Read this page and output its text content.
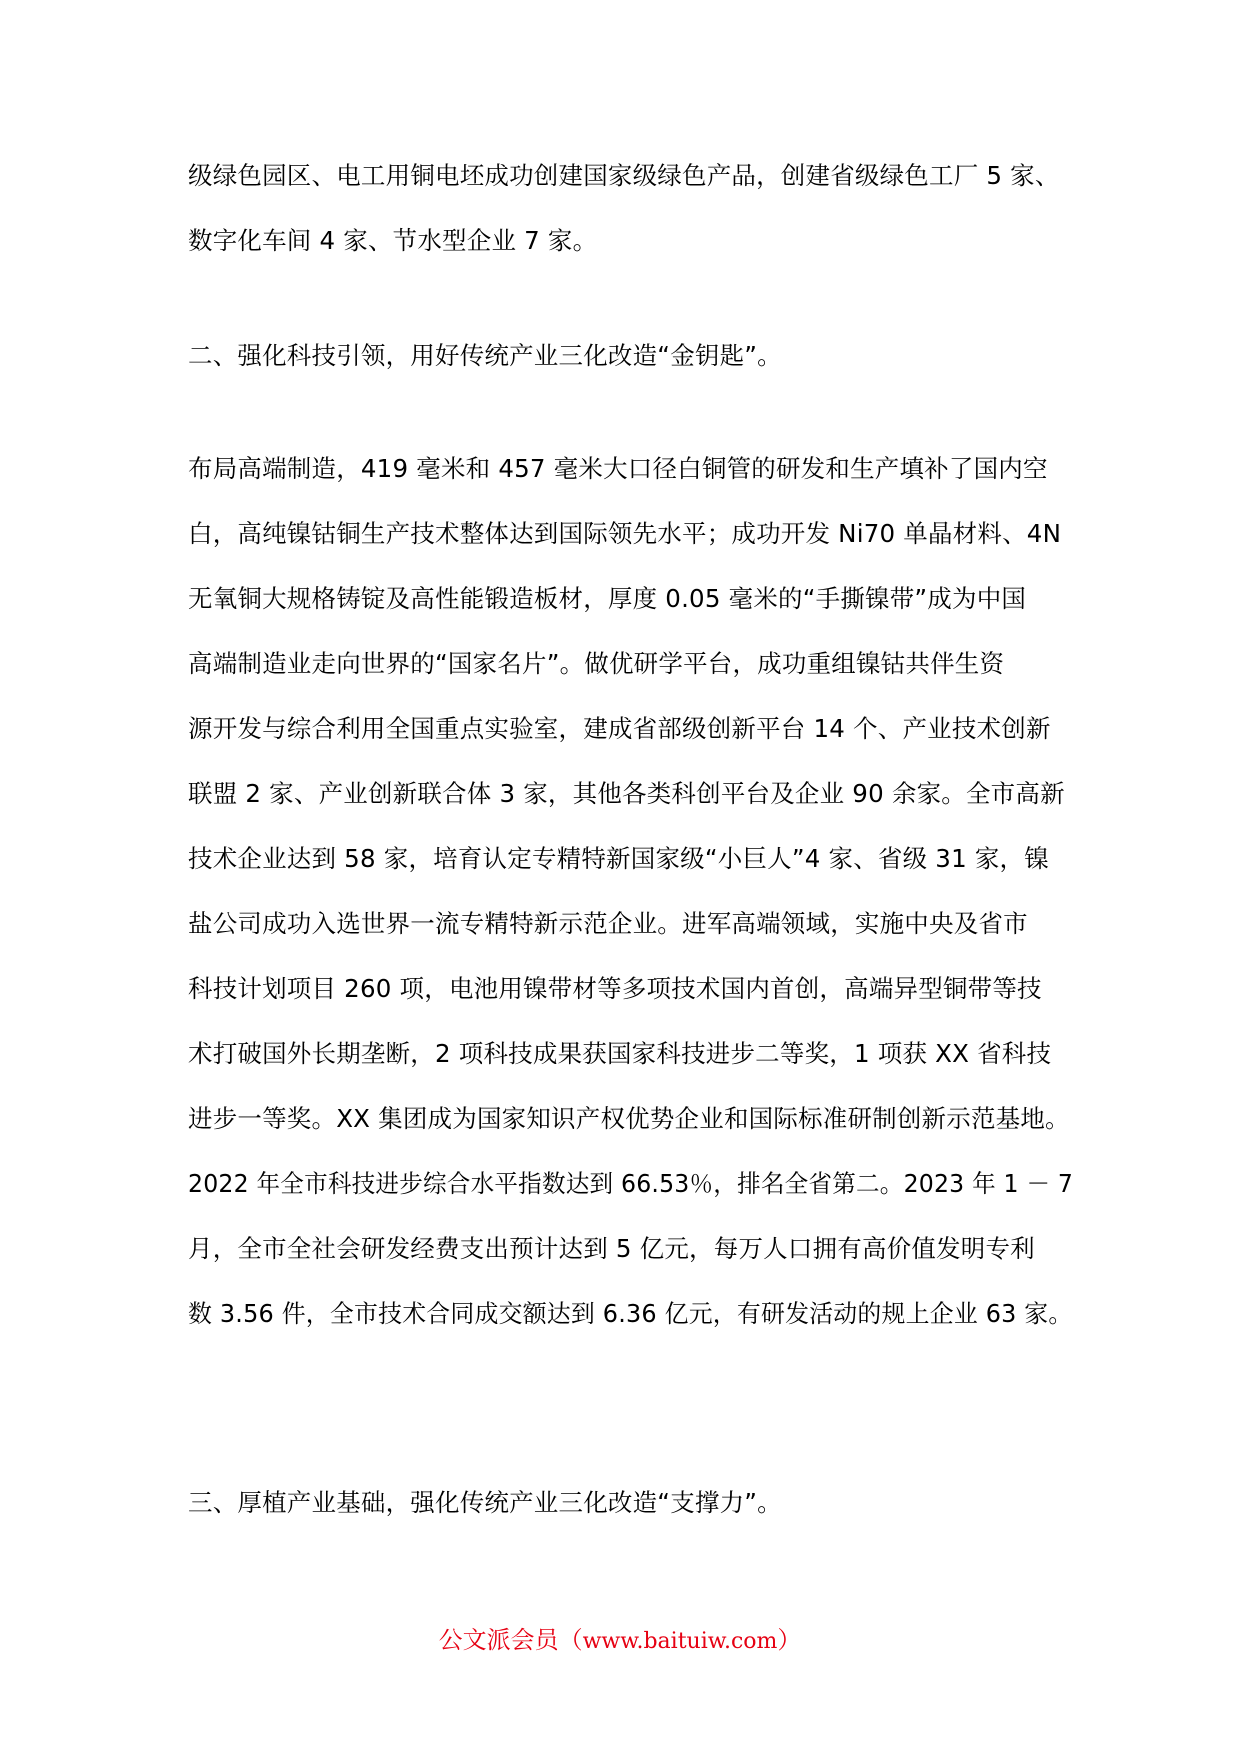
级绿色园区、电工用铜电坯成功创建国家级绿色产品，创建省级绿色工厂 5 家、
数字化车间 4 家、节水型企业 7 家。
二、强化科技引领，用好传统产业三化改造“金钥匙”。
布局高端制造，419 毫米和 457 毫米大口径白铜管的研发和生产填补了国内空
白，高纯镍钴铜生产技术整体达到国际领先水平；成功开发 Ni70 单晶材料、4N
无氧铜大规格铸锭及高性能锻造板材，厚度 0.05 毫米的“手撕镍带”成为中国
高端制造业走向世界的“国家名片”。做优研学平台，成功重组镍钴共伴生资
源开发与综合利用全国重点实验室，建成省部级创新平台 14 个、产业技术创新
联盟 2 家、产业创新联合体 3 家，其他各类科创平台及企业 90 余家。全市高新
技术企业达到 58 家，培育认定专精特新国家级“小巨人”4 家、省级 31 家，镍
盐公司成功入选世界一流专精特新示范企业。进军高端领域，实施中央及省市
科技计划项目 260 项，电池用镍带材等多项技术国内首创，高端异型铜带等技
术打破国外长期垄断，2 项科技成果获国家科技进步二等奖，1 项获 XX 省科技
进步一等奖。XX 集团成为国家知识产权优势企业和国际标准研制创新示范基地。
2022 年全市科技进步综合水平指数达到 66.53％，排名全省第二。2023 年 1 － 7
月，全市全社会研发经费支出预计达到 5 亿元，每万人口拥有高价值发明专利
数 3.56 件，全市技术合同成交额达到 6.36 亿元，有研发活动的规上企业 63 家。
三、厚植产业基础，强化传统产业三化改造“支撑力”。
公文派会员（www.baituiw.com）
